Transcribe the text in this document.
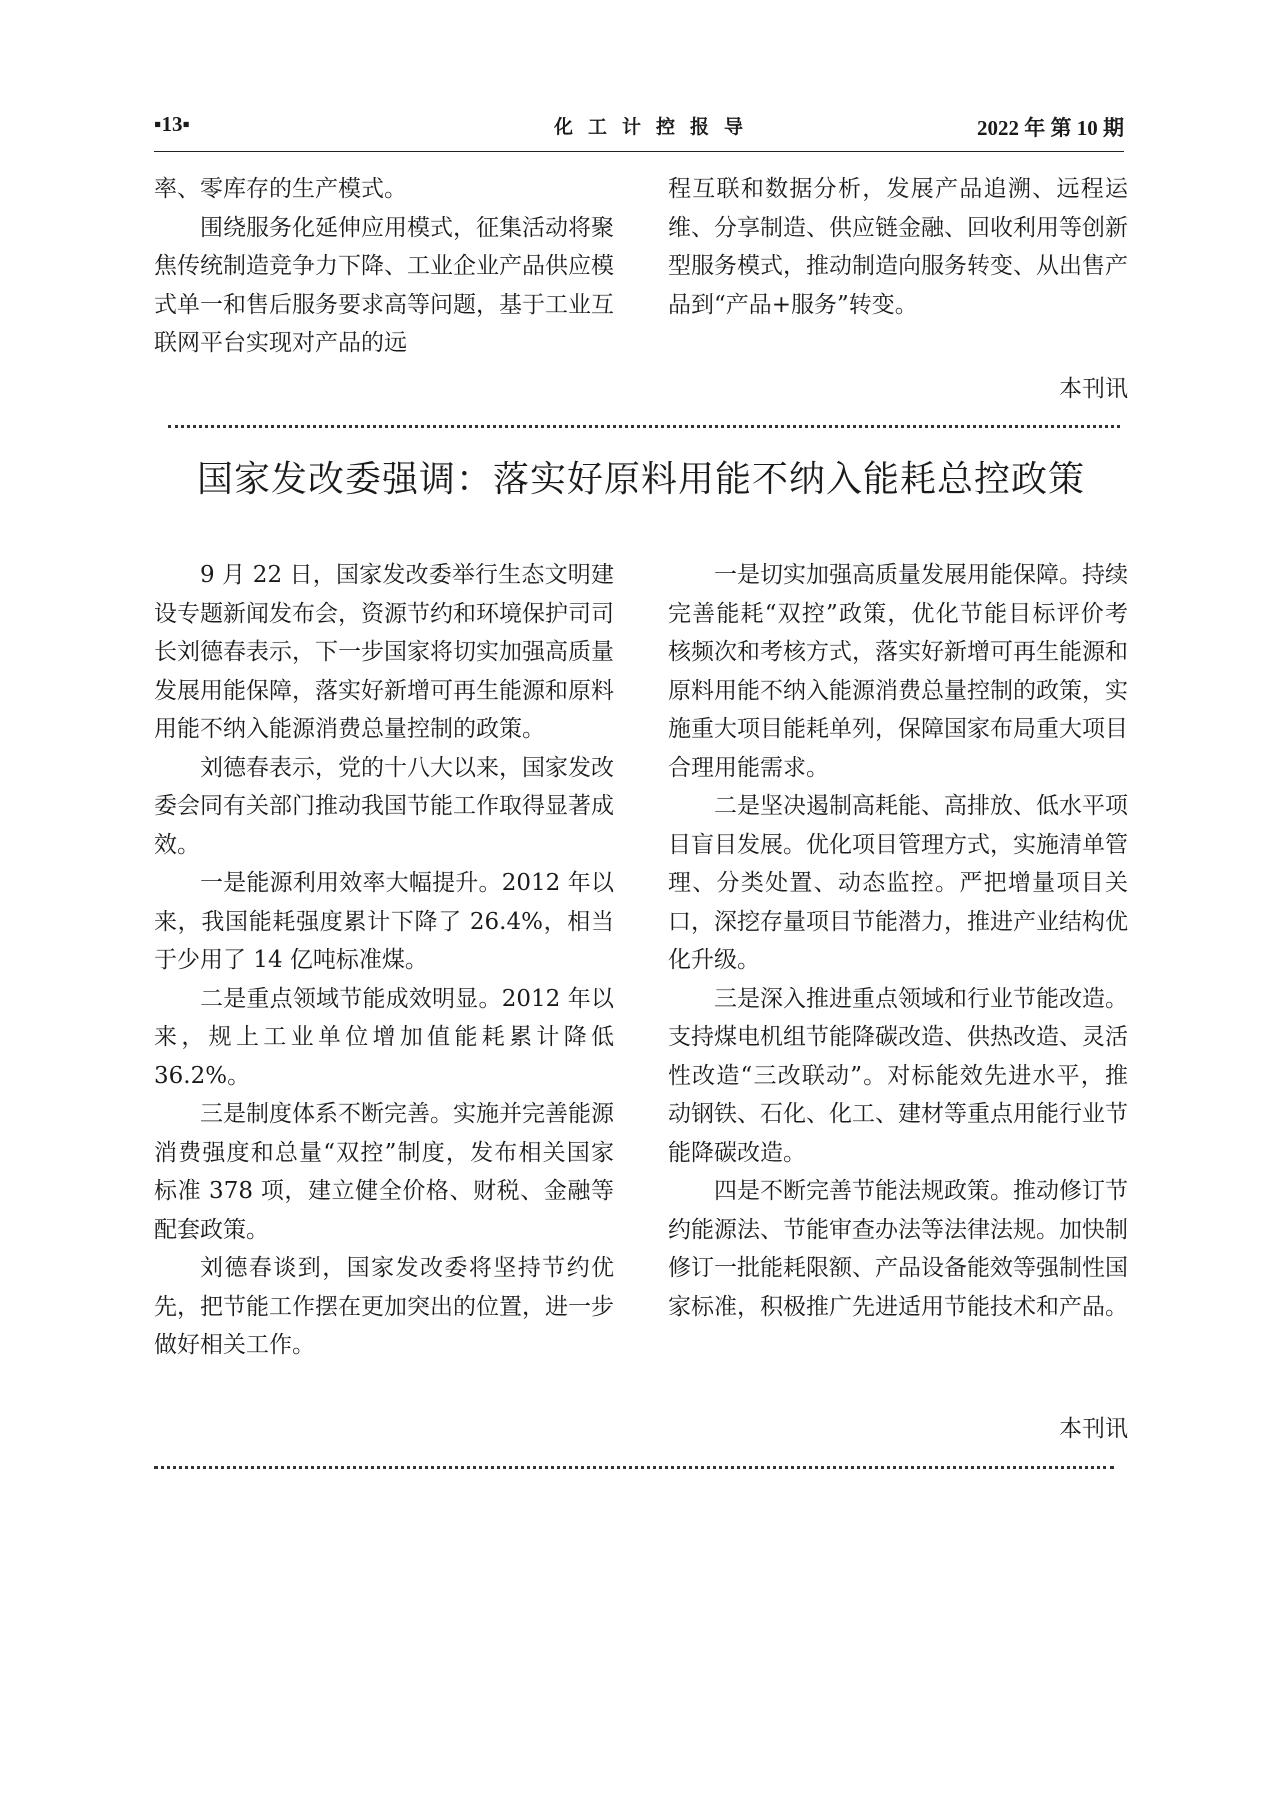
▪13▪	化工计控报导	2022 年 第 10 期

率、零库存的生产模式。

围绕服务化延伸应用模式，征集活动将聚焦传统制造竞争力下降、工业企业产品供应模式单一和售后服务要求高等问题，基于工业互联网平台实现对产品的远

程互联和数据分析，发展产品追溯、远程运维、分享制造、供应链金融、回收利用等创新型服务模式，推动制造向服务转变、从出售产品到“产品+服务”转变。

本刊讯
国家发改委强调：落实好原料用能不纳入能耗总控政策

9 月 22 日，国家发改委举行生态文明建设专题新闻发布会，资源节约和环境保护司司长刘德春表示，下一步国家将切实加强高质量发展用能保障，落实好新增可再生能源和原料用能不纳入能源消费总量控制的政策。

刘德春表示，党的十八大以来，国家发改委会同有关部门推动我国节能工作取得显著成效。

一是能源利用效率大幅提升。2012 年以来，我国能耗强度累计下降了 26.4%，相当于少用了 14 亿吨标准煤。

二是重点领域节能成效明显。2012 年以来，规上工业单位增加值能耗累计降低 36.2%。

三是制度体系不断完善。实施并完善能源消费强度和总量“双控”制度，发布相关国家标准 378 项，建立健全价格、财税、金融等配套政策。

刘德春谈到，国家发改委将坚持节约优先，把节能工作摆在更加突出的位置，进一步做好相关工作。

一是切实加强高质量发展用能保障。持续完善能耗“双控”政策，优化节能目标评价考核频次和考核方式，落实好新增可再生能源和原料用能不纳入能源消费总量控制的政策，实施重大项目能耗单列，保障国家布局重大项目合理用能需求。

二是坚决遏制高耗能、高排放、低水平项目盲目发展。优化项目管理方式，实施清单管理、分类处置、动态监控。严把增量项目关口，深挖存量项目节能潜力，推进产业结构优化升级。

三是深入推进重点领域和行业节能改造。支持煤电机组节能降碳改造、供热改造、灵活性改造“三改联动”。对标能效先进水平，推动钢铁、石化、化工、建材等重点用能行业节能降碳改造。

四是不断完善节能法规政策。推动修订节约能源法、节能审查办法等法律法规。加快制修订一批能耗限额、产品设备能效等强制性国家标准，积极推广先进适用节能技术和产品。

本刊讯
